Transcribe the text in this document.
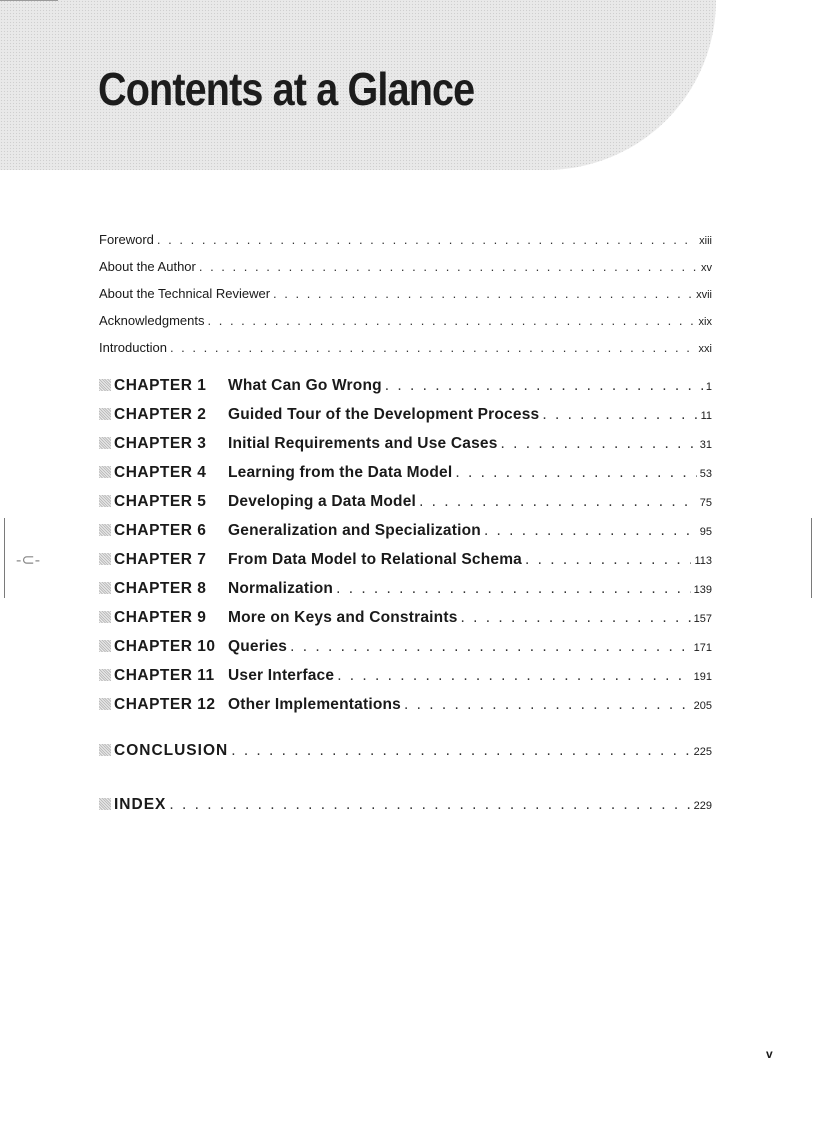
Contents at a Glance
Foreword . . .	xiii
About the Author . . .	xv
About the Technical Reviewer . . .	xvii
Acknowledgments . . .	xix
Introduction . . .	xxi
CHAPTER 1 What Can Go Wrong . . .	1
CHAPTER 2 Guided Tour of the Development Process . . .	11
CHAPTER 3 Initial Requirements and Use Cases . . .	31
CHAPTER 4 Learning from the Data Model . . .	53
CHAPTER 5 Developing a Data Model . . .	75
CHAPTER 6 Generalization and Specialization . . .	95
CHAPTER 7 From Data Model to Relational Schema . . .	113
CHAPTER 8 Normalization . . .	139
CHAPTER 9 More on Keys and Constraints . . .	157
CHAPTER 10 Queries . . .	171
CHAPTER 11 User Interface . . .	191
CHAPTER 12 Other Implementations . . .	205
CONCLUSION . . .	225
INDEX . . .	229
v
-⊂-
